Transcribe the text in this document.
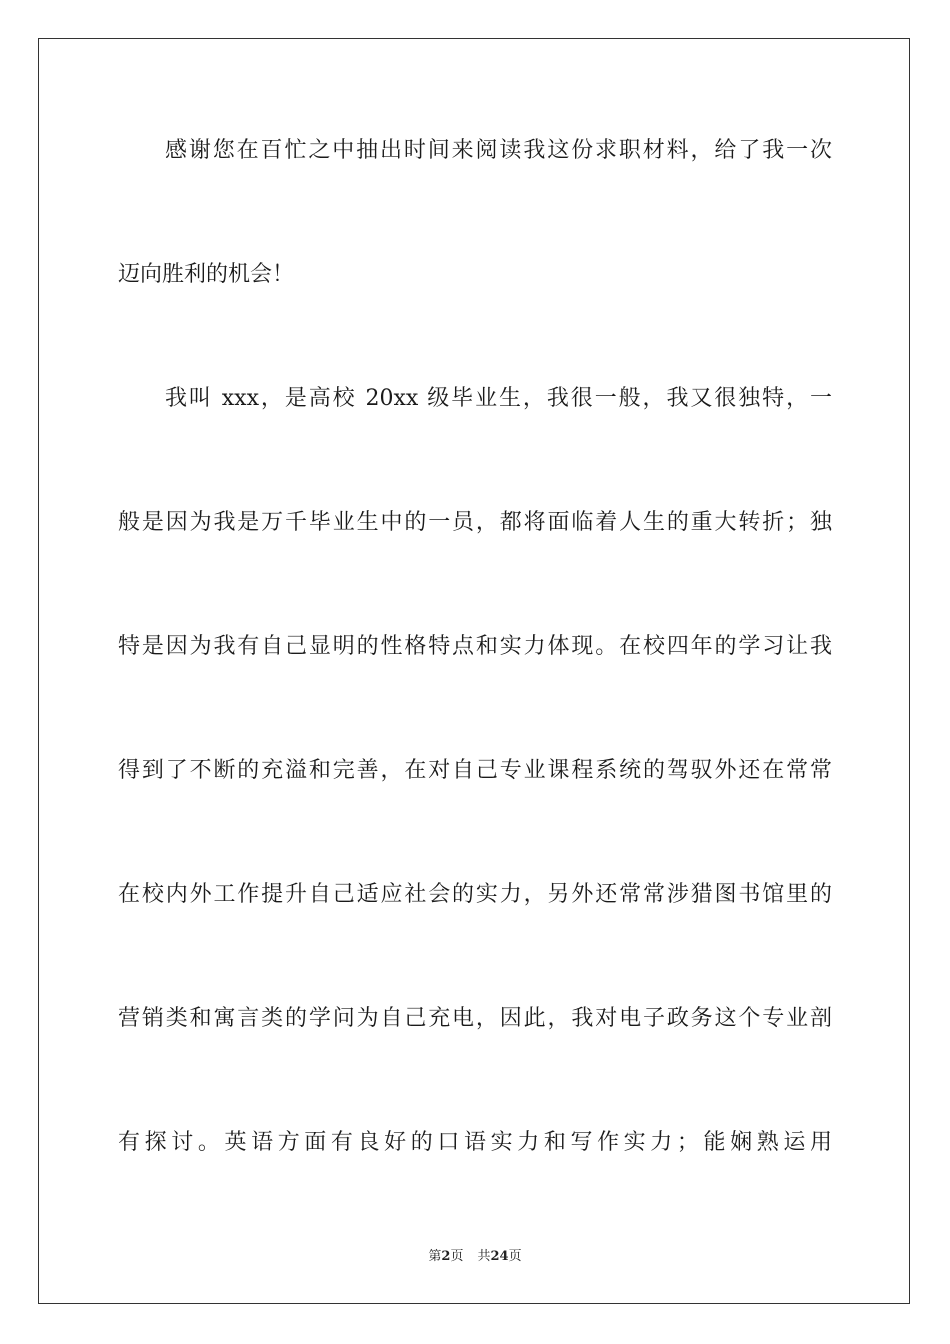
感谢您在百忙之中抽出时间来阅读我这份求职材料，给了我一次
迈向胜利的机会！
我叫 xxx，是高校 20xx 级毕业生，我很一般，我又很独特，一
般是因为我是万千毕业生中的一员，都将面临着人生的重大转折；独
特是因为我有自己显明的性格特点和实力体现。在校四年的学习让我
得到了不断的充溢和完善，在对自己专业课程系统的驾驭外还在常常
在校内外工作提升自己适应社会的实力，另外还常常涉猎图书馆里的
营销类和寓言类的学问为自己充电，因此，我对电子政务这个专业剖
有探讨。英语方面有良好的口语实力和写作实力；能娴熟运用
第2页 共24页
